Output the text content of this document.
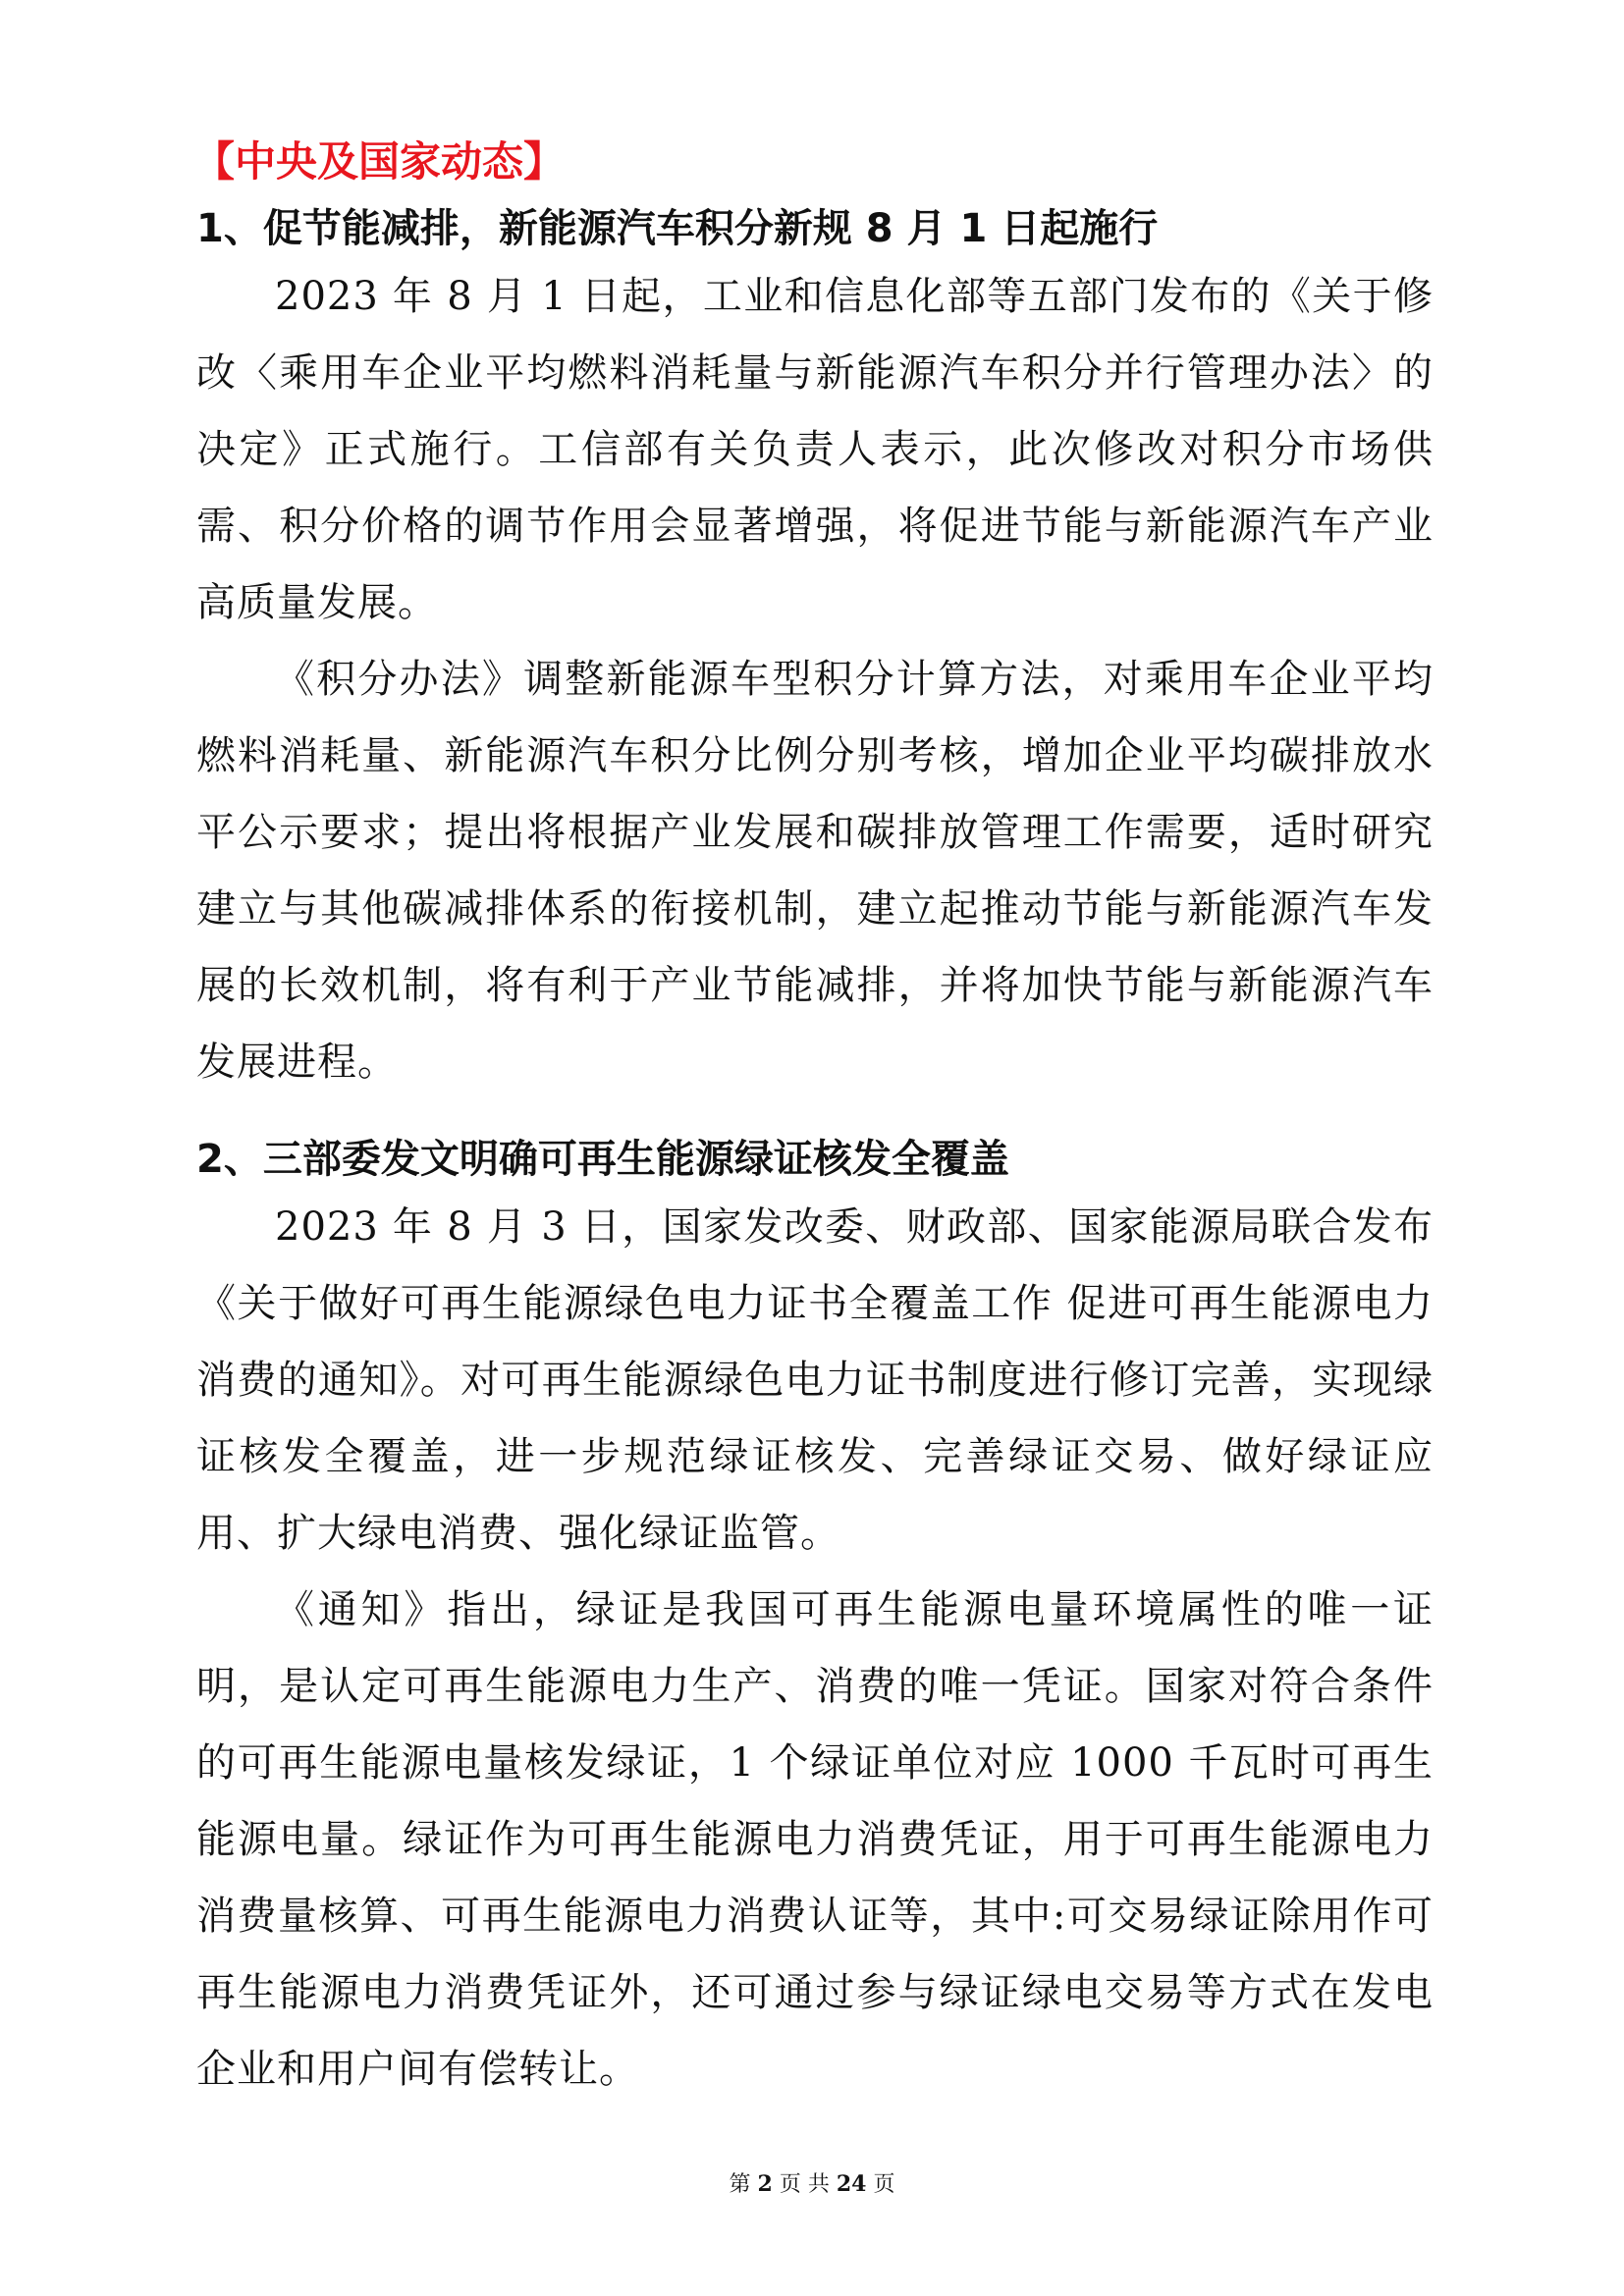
【中央及国家动态】
1、促节能减排，新能源汽车积分新规 8 月 1 日起施行

2023 年 8 月 1 日起，工业和信息化部等五部门发布的《关于修改〈乘用车企业平均燃料消耗量与新能源汽车积分并行管理办法〉的决定》正式施行。工信部有关负责人表示，此次修改对积分市场供需、积分价格的调节作用会显著增强，将促进节能与新能源汽车产业高质量发展。

《积分办法》调整新能源车型积分计算方法，对乘用车企业平均燃料消耗量、新能源汽车积分比例分别考核，增加企业平均碳排放水平公示要求；提出将根据产业发展和碳排放管理工作需要，适时研究建立与其他碳减排体系的衔接机制，建立起推动节能与新能源汽车发展的长效机制，将有利于产业节能减排，并将加快节能与新能源汽车发展进程。

2、三部委发文明确可再生能源绿证核发全覆盖

2023 年 8 月 3 日，国家发改委、财政部、国家能源局联合发布《关于做好可再生能源绿色电力证书全覆盖工作 促进可再生能源电力消费的通知》。对可再生能源绿色电力证书制度进行修订完善，实现绿证核发全覆盖，进一步规范绿证核发、完善绿证交易、做好绿证应用、扩大绿电消费、强化绿证监管。

《通知》指出，绿证是我国可再生能源电量环境属性的唯一证明，是认定可再生能源电力生产、消费的唯一凭证。国家对符合条件的可再生能源电量核发绿证，1 个绿证单位对应 1000 千瓦时可再生能源电量。绿证作为可再生能源电力消费凭证，用于可再生能源电力消费量核算、可再生能源电力消费认证等，其中:可交易绿证除用作可再生能源电力消费凭证外，还可通过参与绿证绿电交易等方式在发电企业和用户间有偿转让。

第 2 页 共 24 页
